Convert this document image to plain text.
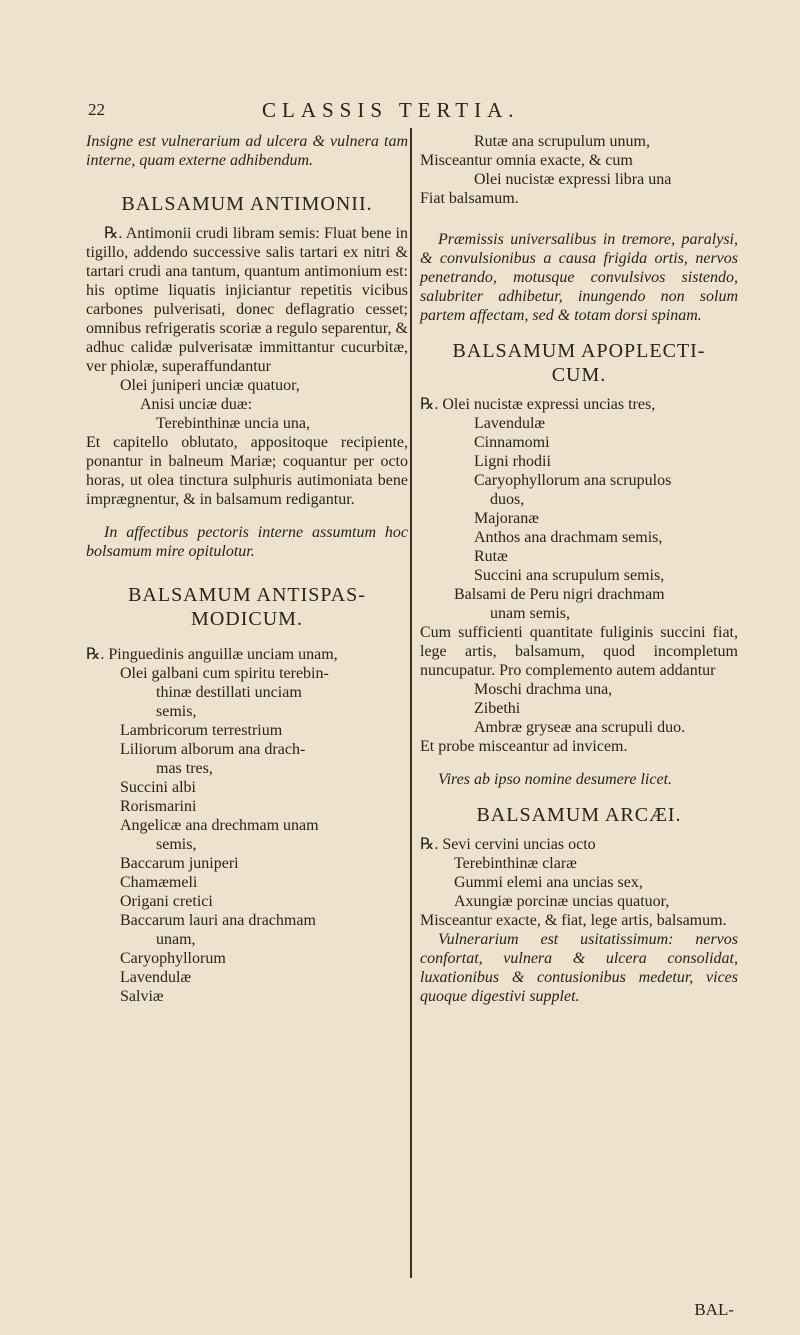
22	CLASSIS TERTIA.

Insigne est vulnerarium ad ulcera & vulnera tam interne, quam externe adhibendum.

BALSAMUM ANTIMONII.

℞. Antimonii crudi libram semis: Fluat bene in tigillo, addendo successive salis tartari ex nitri & tartari crudi ana tantum, quantum antimonium est: his optime liquatis injiciantur repetitis vicibus carbones pulverisati, donec deflagratio cesset; omnibus refrigeratis scoriæ a regulo separentur, & adhuc calidæ pulverisatæ immittantur cucurbitæ, ver phiolæ, superaffundantur

Olei juniperi unciæ quatuor,
Anisi unciæ duæ:
Terebinthinæ uncia una,

Et capitello oblutato, appositoque recipiente, ponantur in balneum Mariæ; coquantur per octo horas, ut olea tinctura sulphuris autimoniata bene imprægnentur, & in balsamum redigantur.

In affectibus pectoris interne assumtum hoc bolsamum mire opitulotur.

BALSAMUM ANTISPAS-
MODICUM.
℞. Pinguedinis anguillæ unciam unam,
Olei galbani cum spiritu terebin-
thinæ destillati unciam
semis,
Lambricorum terrestrium
Liliorum alborum ana drach-
mas tres,
Succini albi
Rorismarini
Angelicæ ana drechmam unam
semis,
Baccarum juniperi
Chamæmeli
Origani cretici
Baccarum lauri ana drachmam
unam,
Caryophyllorum
Lavendulæ
Salviæ
Rutæ ana scrupulum unum,
Misceantur omnia exacte, & cum
Olei nucistæ expressi libra una
Fiat balsamum.

Præmissis universalibus in tremore, paralysi, & convulsionibus a causa frigida ortis, nervos penetrando, motusque convulsivos sistendo, salubriter adhibetur, inungendo non solum partem affectam, sed & totam dorsi spinam.

BALSAMUM APOPLECTI-
CUM.
℞. Olei nucistæ expressi uncias tres,
Lavendulæ
Cinnamomi
Ligni rhodii
Caryophyllorum ana scrupulos
duos,
Majoranæ
Anthos ana drachmam semis,
Rutæ
Succini ana scrupulum semis,
Balsami de Peru nigri drachmam
unam semis,

Cum sufficienti quantitate fuliginis succini fiat, lege artis, balsamum, quod incompletum nuncupatur. Pro complemento autem addantur

Moschi drachma una,
Zibethi
Ambræ gryseæ ana scrupuli duo.
Et probe misceantur ad invicem.

Vires ab ipso nomine desumere licet.

BALSAMUM ARCÆI.
℞. Sevi cervini uncias octo
Terebinthinæ claræ
Gummi elemi ana uncias sex,
Axungiæ porcinæ uncias quatuor,

Misceantur exacte, & fiat, lege artis, balsamum.

Vulnerarium est usitatissimum: nervos confortat, vulnera & ulcera consolidat, luxationibus & contusionibus medetur, vices quoque digestivi supplet.

BAL-
